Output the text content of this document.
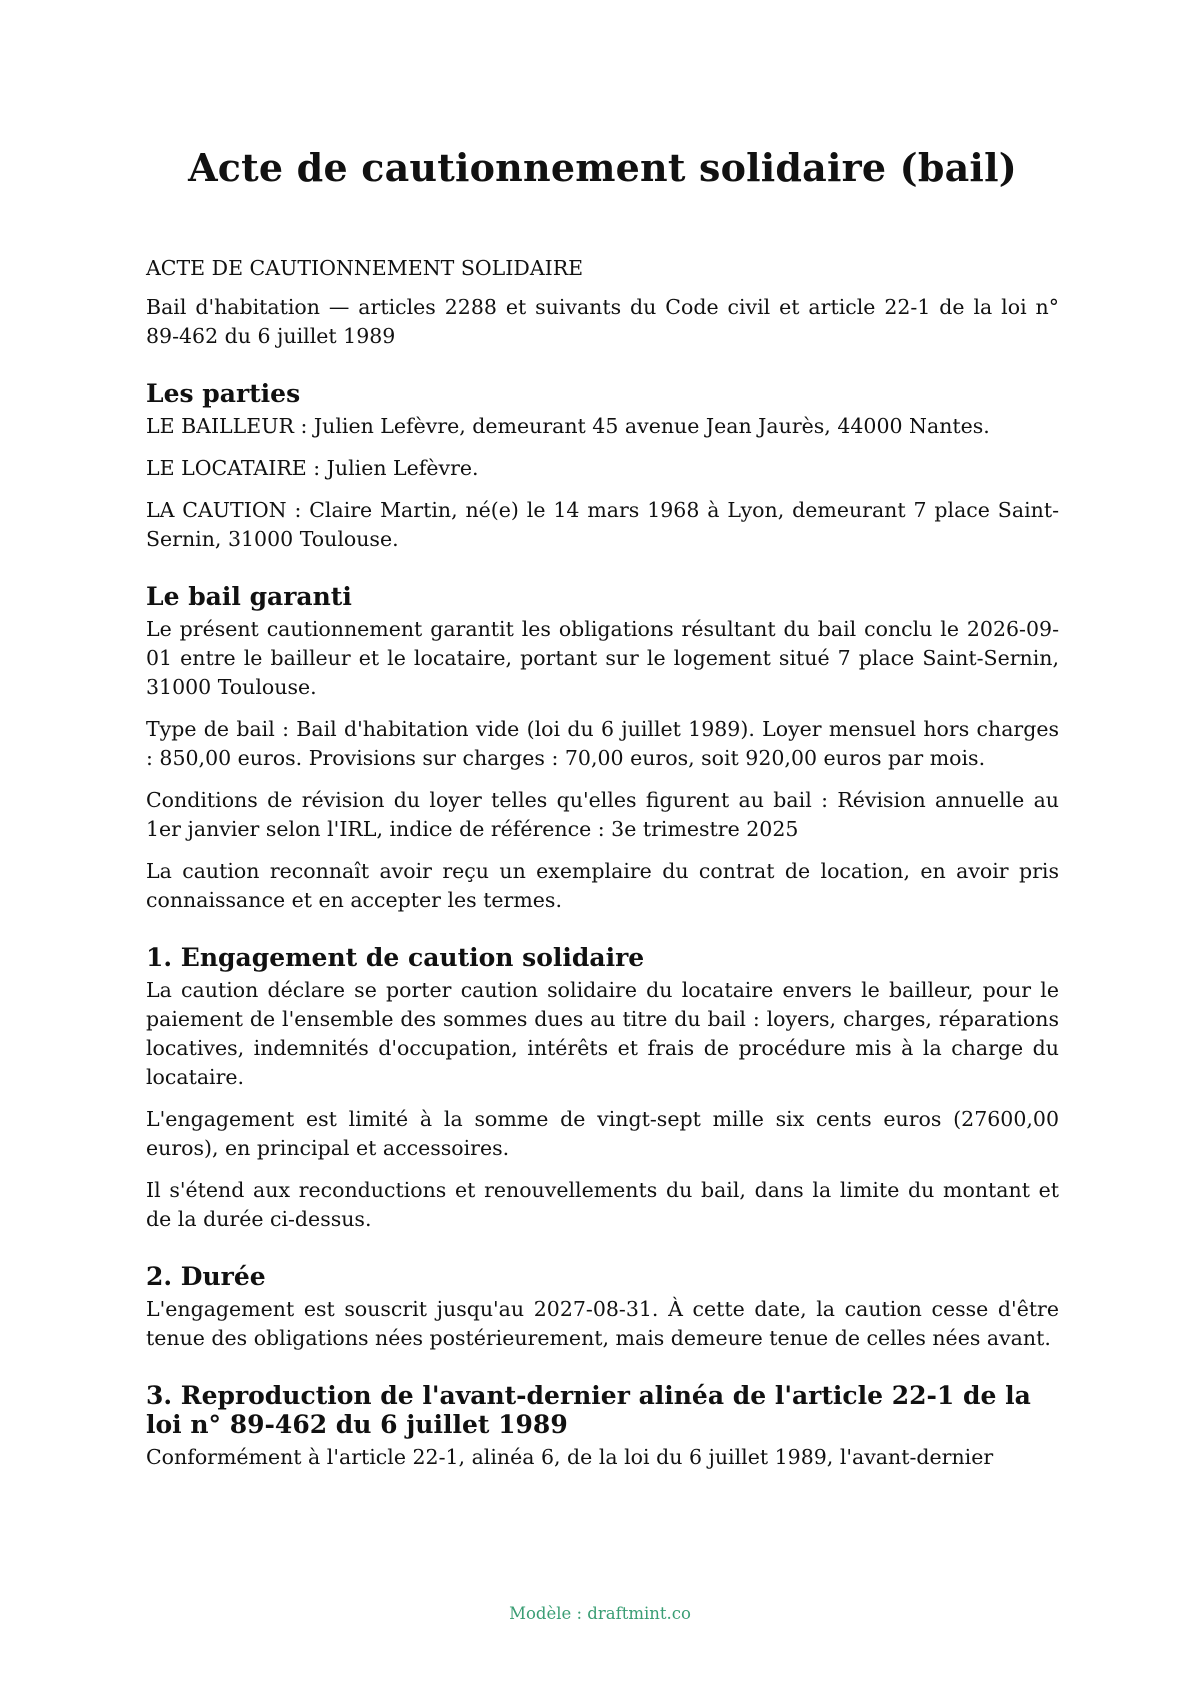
Acte de cautionnement solidaire (bail)

ACTE DE CAUTIONNEMENT SOLIDAIRE

Bail d'habitation — articles 2288 et suivants du Code civil et article 22-1 de la loi n° 89-462 du 6 juillet 1989

Les parties

LE BAILLEUR : Julien Lefèvre, demeurant 45 avenue Jean Jaurès, 44000 Nantes.

LE LOCATAIRE : Julien Lefèvre.

LA CAUTION : Claire Martin, né(e) le 14 mars 1968 à Lyon, demeurant 7 place Saint-Sernin, 31000 Toulouse.

Le bail garanti

Le présent cautionnement garantit les obligations résultant du bail conclu le 2026-09-01 entre le bailleur et le locataire, portant sur le logement situé 7 place Saint-Sernin, 31000 Toulouse.

Type de bail : Bail d'habitation vide (loi du 6 juillet 1989). Loyer mensuel hors charges : 850,00 euros. Provisions sur charges : 70,00 euros, soit 920,00 euros par mois.

Conditions de révision du loyer telles qu'elles figurent au bail : Révision annuelle au 1er janvier selon l'IRL, indice de référence : 3e trimestre 2025

La caution reconnaît avoir reçu un exemplaire du contrat de location, en avoir pris connaissance et en accepter les termes.

1. Engagement de caution solidaire

La caution déclare se porter caution solidaire du locataire envers le bailleur, pour le paiement de l'ensemble des sommes dues au titre du bail : loyers, charges, réparations locatives, indemnités d'occupation, intérêts et frais de procédure mis à la charge du locataire.

L'engagement est limité à la somme de vingt-sept mille six cents euros (27600,00 euros), en principal et accessoires.

Il s'étend aux reconductions et renouvellements du bail, dans la limite du montant et de la durée ci-dessus.

2. Durée

L'engagement est souscrit jusqu'au 2027-08-31. À cette date, la caution cesse d'être tenue des obligations nées postérieurement, mais demeure tenue de celles nées avant.

3. Reproduction de l'avant-dernier alinéa de l'article 22-1 de la loi n° 89-462 du 6 juillet 1989

Conformément à l'article 22-1, alinéa 6, de la loi du 6 juillet 1989, l'avant-dernier

Modèle : draftmint.co
